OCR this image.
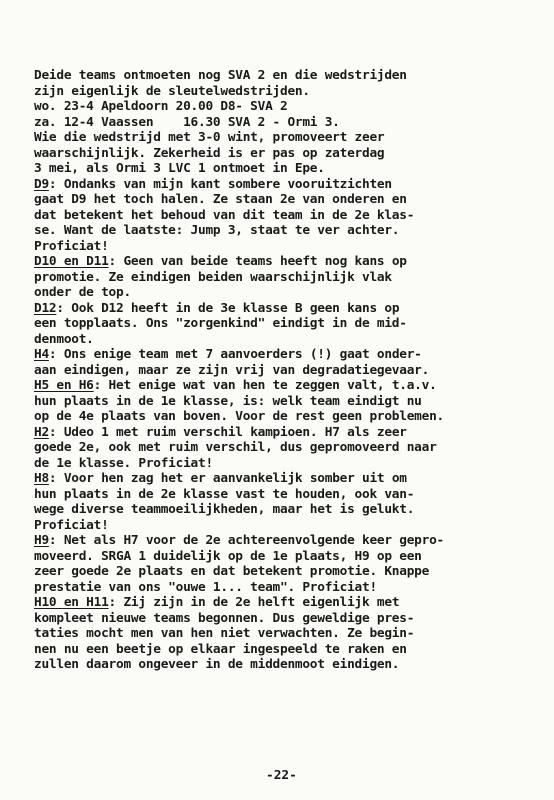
Deide teams ontmoeten nog SVA 2 en die wedstrijden
zijn eigenlijk de sleutelwedstrijden.
wo. 23-4 Apeldoorn 20.00 D8- SVA 2
za. 12-4 Vaassen    16.30 SVA 2 - Ormi 3.
Wie die wedstrijd met 3-0 wint, promoveert zeer
waarschijnlijk. Zekerheid is er pas op zaterdag
3 mei, als Ormi 3 LVC 1 ontmoet in Epe.
D9: Ondanks van mijn kant sombere vooruitzichten
gaat D9 het toch halen. Ze staan 2e van onderen en
dat betekent het behoud van dit team in de 2e klas-
se. Want de laatste: Jump 3, staat te ver achter.
Proficiat!
D10 en D11: Geen van beide teams heeft nog kans op
promotie. Ze eindigen beiden waarschijnlijk vlak
onder de top.
D12: Ook D12 heeft in de 3e klasse B geen kans op
een topplaats. Ons "zorgenkind" eindigt in de mid-
denmoot.
H4: Ons enige team met 7 aanvoerders (!) gaat onder-
aan eindigen, maar ze zijn vrij van degradatiegevaar.
H5 en H6: Het enige wat van hen te zeggen valt, t.a.v.
hun plaats in de 1e klasse, is: welk team eindigt nu
op de 4e plaats van boven. Voor de rest geen problemen.
H2: Udeo 1 met ruim verschil kampioen. H7 als zeer
goede 2e, ook met ruim verschil, dus gepromoveerd naar
de 1e klasse. Proficiat!
H8: Voor hen zag het er aanvankelijk somber uit om
hun plaats in de 2e klasse vast te houden, ook van-
wege diverse teammoeilijkheden, maar het is gelukt.
Proficiat!
H9: Net als H7 voor de 2e achtereenvolgende keer gepro-
moveerd. SRGA 1 duidelijk op de 1e plaats, H9 op een
zeer goede 2e plaats en dat betekent promotie. Knappe
prestatie van ons "ouwe 1... team". Proficiat!
H10 en H11: Zij zijn in de 2e helft eigenlijk met
kompleet nieuwe teams begonnen. Dus geweldige pres-
taties mocht men van hen niet verwachten. Ze begin-
nen nu een beetje op elkaar ingespeeld te raken en
zullen daarom ongeveer in de middenmoot eindigen.
-22-
